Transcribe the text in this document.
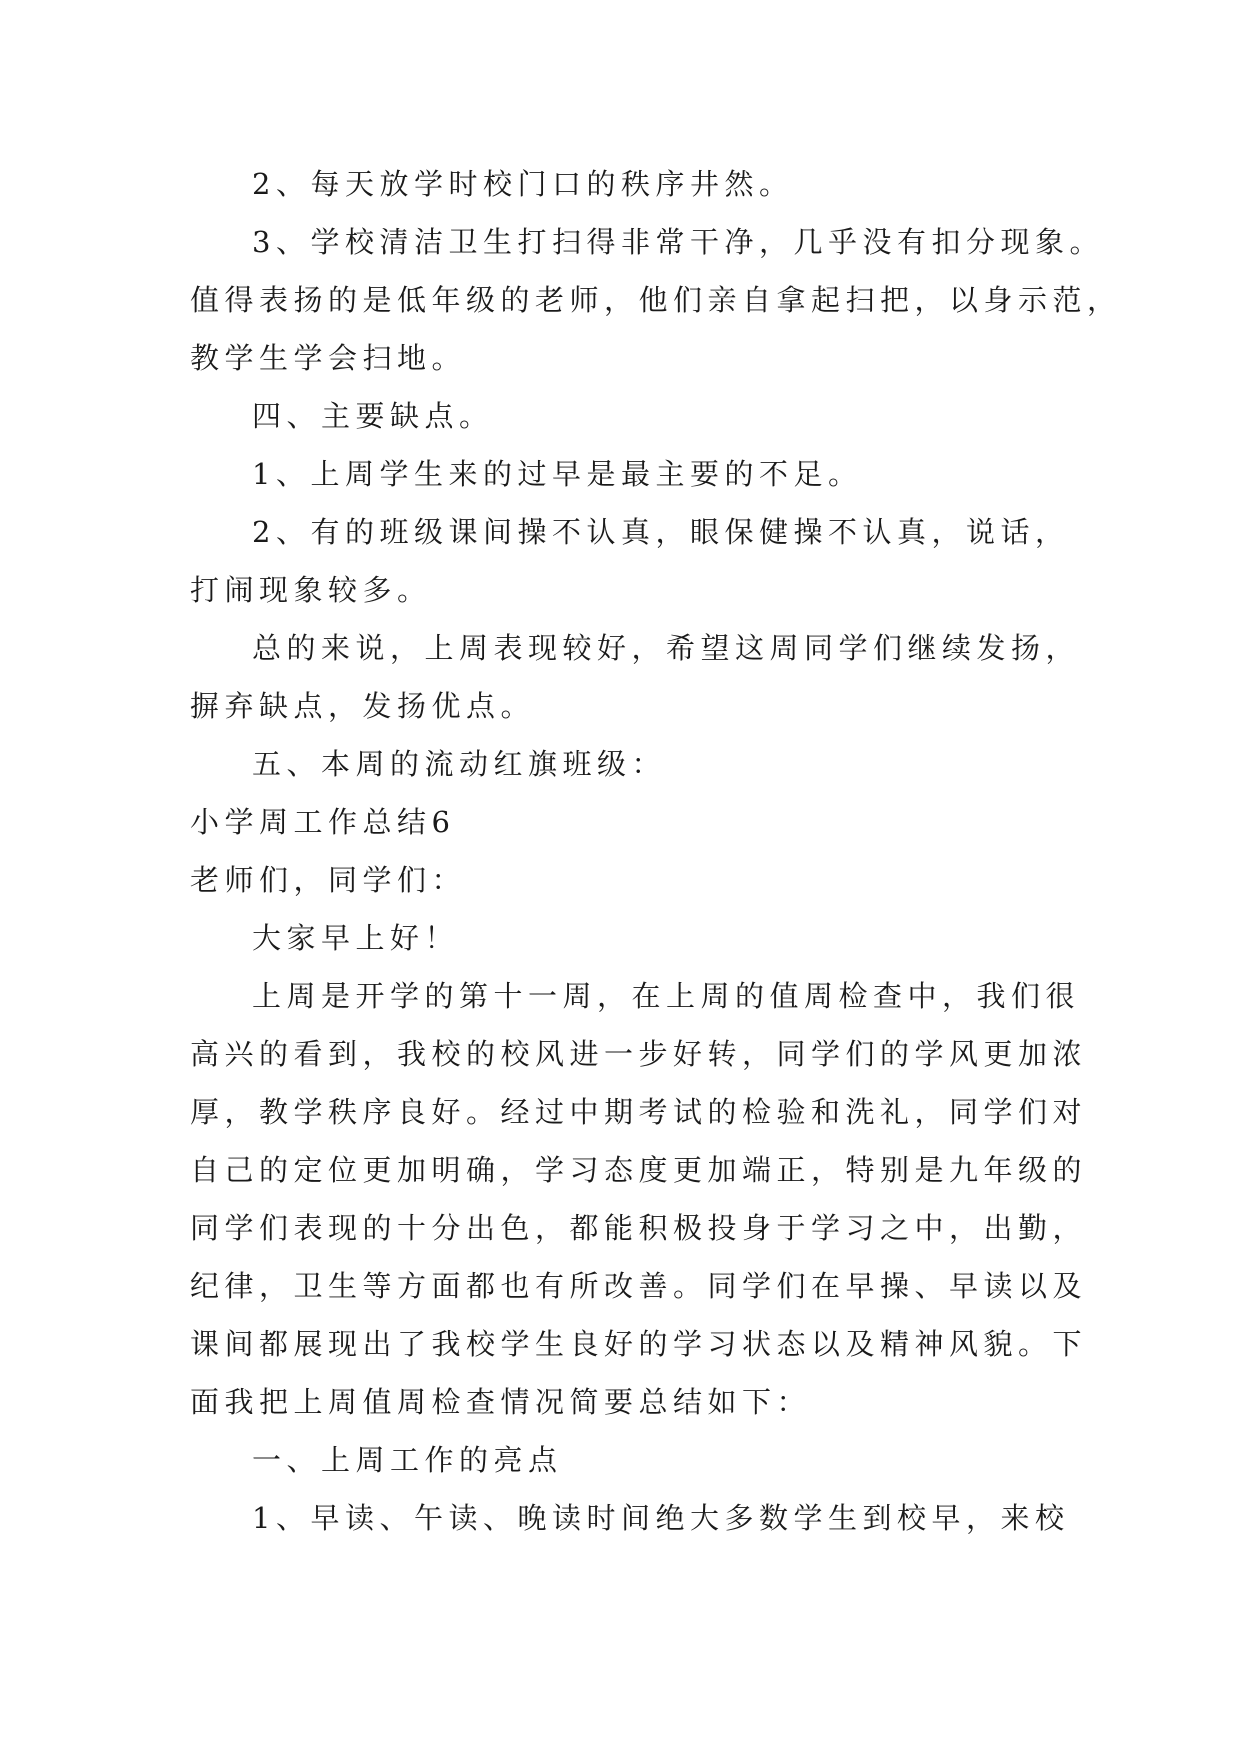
2、每天放学时校门口的秩序井然。

3、学校清洁卫生打扫得非常干净，几乎没有扣分现象。

值得表扬的是低年级的老师，他们亲自拿起扫把，以身示范，

教学生学会扫地。

四、主要缺点。

1、上周学生来的过早是最主要的不足。

2、有的班级课间操不认真，眼保健操不认真，说话，

打闹现象较多。

总的来说，上周表现较好，希望这周同学们继续发扬，

摒弃缺点，发扬优点。

五、本周的流动红旗班级：

小学周工作总结6

老师们，同学们：

大家早上好！

上周是开学的第十一周，在上周的值周检查中，我们很

高兴的看到，我校的校风进一步好转，同学们的学风更加浓

厚，教学秩序良好。经过中期考试的检验和洗礼，同学们对

自己的定位更加明确，学习态度更加端正，特别是九年级的

同学们表现的十分出色，都能积极投身于学习之中，出勤，

纪律，卫生等方面都也有所改善。同学们在早操、早读以及

课间都展现出了我校学生良好的学习状态以及精神风貌。下

面我把上周值周检查情况简要总结如下：

一、上周工作的亮点

1、早读、午读、晚读时间绝大多数学生到校早，来校
